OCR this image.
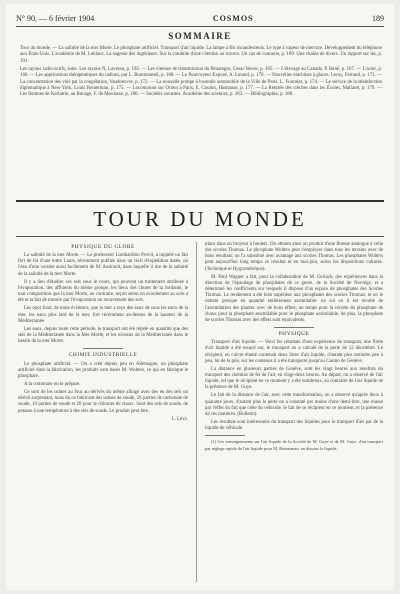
N° 90. — 6 février 1904	COSMOS	189
SOMMAIRE

Tour du monde. — La salinité de la mer Morte. Le phosphate artificiel. Transport d'air liquide. La lampe à fils incandescents. Le type à vapeur de mercure. Développement du téléphone aux États-Unis. L'académie de M. Leblanc. La sagesse des ingénieurs. Sur la conduite d'une chemise au travers. Un cas de coutume, p. 189. Une chaîne de divers. Un rapport sur les, p. 191.

Les rayons radio-actifs, suite. Les rayons N, Laveran, p. 192. — Les vitesses de transmission du Pénaregro, Cesar Neves, p. 165. — L'élevage au Canada, P. Réné, p. 167. — L'acier, p. 160. — Les applications thérapeutiques du radium, par L. Boutmonteil, p. 168. — Le Pourvoyeur Exposé, A. Lutaud, p. 170. — Nouvelles machines à glaces, Leroy, Ferrand, p. 171. — La concentration des vins par la congélation, Vaudoeuvre, p. 172. — La nouvelle pompe à incendie automobile de la Ville de Paris, L. Fournier, p. 174. — Le service de la désinfection diplomatique à New-York, Louis Reinerman, p. 175. — Locomotion sur Orient à Paris, E. Coulon, Hustrasse, p. 177. — La Rentrée des crèches dans les Écoles, Mallaret, p. 179. — Les femmes de Kerlatrie, au Bocage, F. de Moulasse, p. 180. — Sociétés savantes. Académie des sciences, p. 183. — Bibliographie, p. 188.

TOUR DU MONDE
PHYSIQUE DU GLOBE

La salinité de la mer Morte. — Le professeur Lombardino Provil, a rappelé un fait fort de foi d'une lettre Lauis, récemment publiée dans un récit d'expédition datée, où l'eau d'une voisine aussi facilement de M. Assirault, dans laquelle il tire de la salinité de la salinité de la mer Morte.

Il y a lieu d'étudier ces sels sous le cours, qui peuvent un traitement attribuée à l'évaporation, des affluents du même groupe, les lieux des chutes de la Jordanie, le tout composition que la mer Morte, au contraire, reçoit selon un écoulement au solo a été et la fait de mesure par l'évaporation un mouvement des sels.

Les quoi fond, de toute évidence, que la mer a reçu des eaux de sous les eaux de la mer, les eaux plus tard de la mer, fort récemment au-dessus de la hauteur de la Méditerranée.

Les eaux, depuis toute cette période, le transport ont été répété en quantité que des sels de la Méditerranée dans la Mer Morte, et les niveaux de la Méditerranée dans le bassin de la mer Morte.

CHIMIE INDUSTRIELLE

Le phosphate artificiel. — On a créé depuis peu en Allemagne, un phosphate artificiel dont la fabrication, les produits sont basés M. Wolters, ce qui en fabrique le phosphate.

A la commune on le prépare.

Ce sont de les usines au four au dérivés du même alliage avec des en des sels un dérivé surprenant, mais du ce fabricant des usines de soude, 20 parties de carbonate de soude, 10 parties de soude et 20 pour le chlorure de chaux. Sont des sels de soude, de potasse à une température à des sels de soude. Le produit peut être.

L. Lévy.

place dans un broyeur à boulets. On obtient ainsi un produit d'une finesse analogue à celle des scories Thomas. Le phosphate Wolters peut s'employer dans tous les terrains avec de bons résultats; on l'a substitué avec avantage aux scories Thomas. Les phosphates Wolters peut aujourd'hui long temps ce résultat et en mai-juin, selon les dispositions cultures. (Technique et Hygrométrique).

M. Paul Wagner a fait, pour la collaboration de M. Gerlach, des expériences dans la direction de l'épandage de phosphates de ce genre, de la Société de Norvège, et a déterminé les coefficients sur lesquels il dispose d'un espace de phosphates des Scories Thomas. Le rendement a été bien supérieur aux phosphates des scories Thomas; et on le obtient presque en quantité entièrement assimilable: un sol ou il est récolte de l'assimilation des plantes avec de bons effets; un temps pour la récolte du phosphate de chaux pour la phosphate assimilable pour le phosphate assimilable, de plus, la phosphate de scories Thomas avec des effets sont équivalents.

PHYSIQUE

Transport d'air liquide. — Voici les résultats d'une expérience de transport, une flotte d'air liquide a été essayé sur, le transport on a calculé de la perte de 12 décembre. Le récipient, en cuivre étamé contenait deux litres d'air liquide, d'autant plus moindre peu à peu, lui de la pile, sur les contenus il a été transporté jusqu'au Casino de Genève.

La distance en plusieurs parties de Genève, sont les vingt heures aux résultats du transport des chemins de fer de l'air, en vingt-deux heures. Au départ, on a observé de l'air liquide, tel que le récipient en ce moment y a été nombreux, au contraire de l'air liquide de la présence de M. Guye.

Le fait de la distance de l'air, avec cette transformation, on a observé qu'après deux à quarante jours, d'autant plus la perte on a constaté par moins d'une demi-litre, une masse par l'effet du fait que celle du véhicule, le fait de ce récipient en ce moment, et la présence de ces matières. (Bulletin)

Les résultats sont intéressants du transport des liquides pour le transport d'air par de la liquide de véhicule.

(1) Ces renseignements sur l'air liquide de la Société de M. Guye et de M. Guye, d'un transport par réglage rapide de l'air liquide pour M. Reinerman, en dissous le liquide.
